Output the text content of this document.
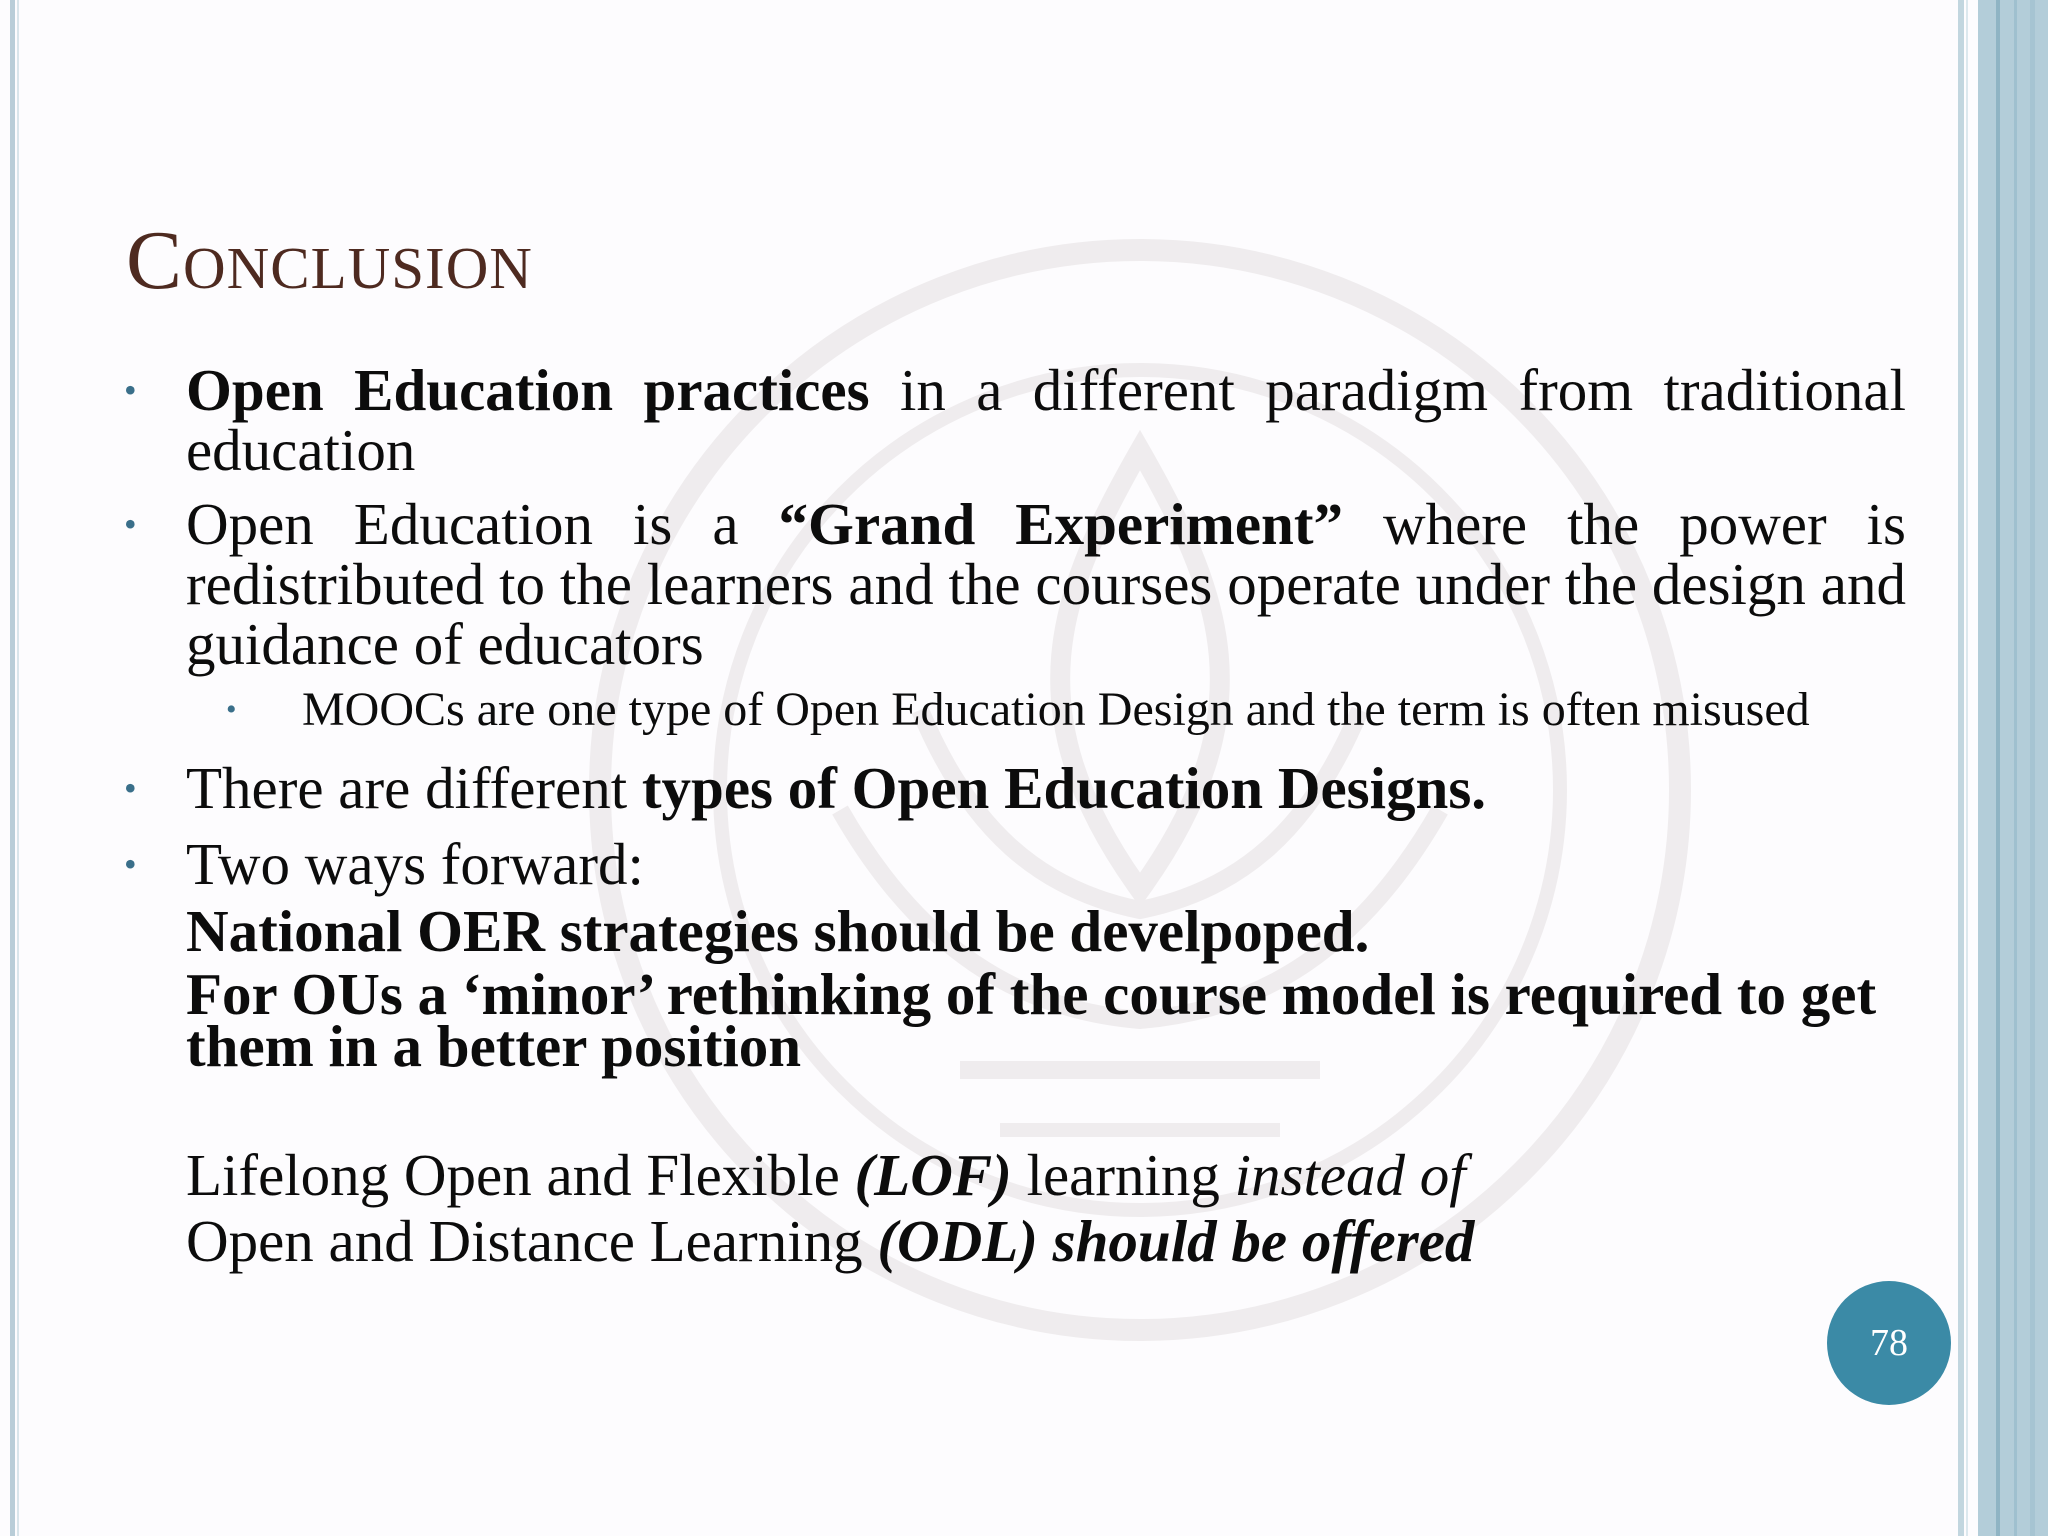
Conclusion
• Open Education practices in a different paradigm from traditional education
• Open Education is a “Grand Experiment” where the power is redistributed to the learners and the courses operate under the design and guidance of educators
• MOOCs are one type of Open Education Design and the term is often misused
• There are different types of Open Education Designs.
• Two ways forward:
National OER strategies should be develpoped.
For OUs a ‘minor’ rethinking of the course model is required to get them in a better position
Lifelong Open and Flexible (LOF) learning instead of
Open and Distance Learning (ODL) should be offered
78
